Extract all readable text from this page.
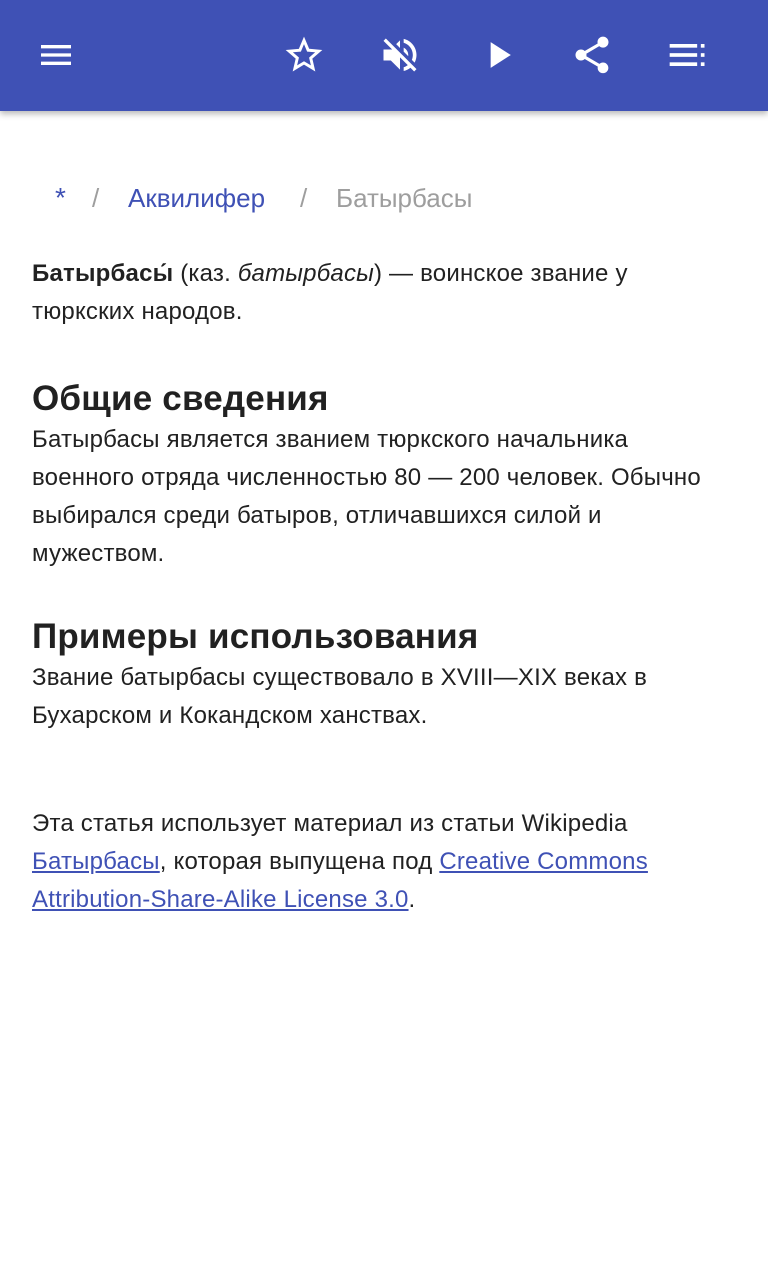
* / Аквилифер / Батырбасы

Батырбасы́ (каз. батырбасы) — воинское звание у тюркских народов.

Общие сведения

Батырбасы является званием тюркского начальника военного отряда численностью 80 — 200 человек. Обычно выбирался среди батыров, отличавшихся силой и мужеством.

Примеры использования

Звание батырбасы существовало в XVIII—XIX веках в Бухарском и Кокандском ханствах.

Эта статья использует материал из статьи Wikipedia Батырбасы, которая выпущена под Creative Commons Attribution-Share-Alike License 3.0.
